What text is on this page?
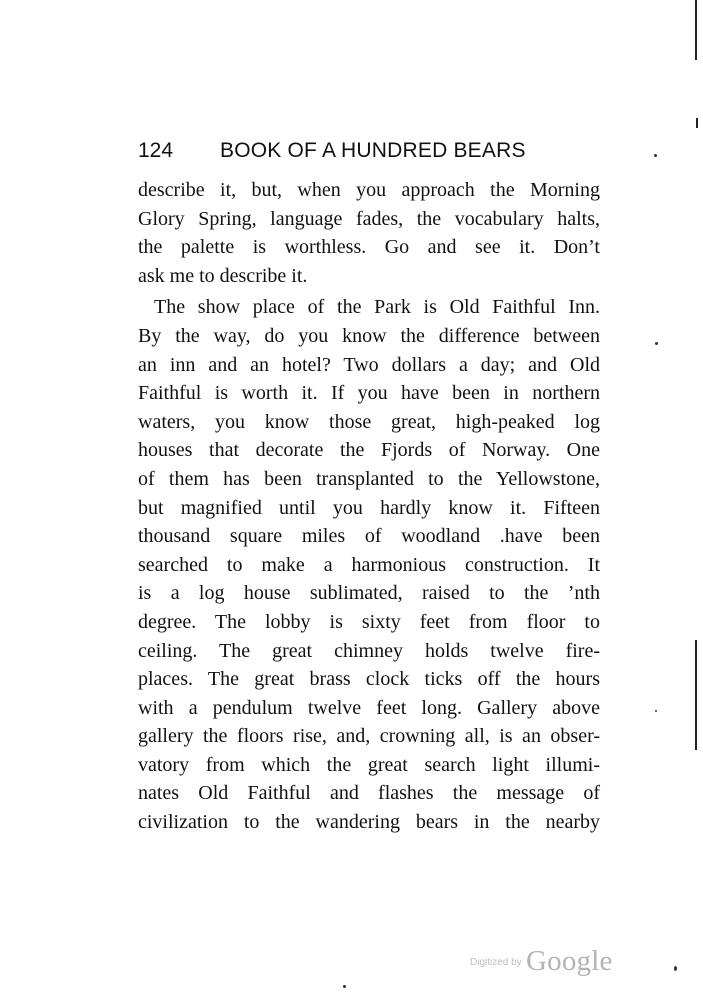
124 BOOK OF A HUNDRED BEARS
describe it, but, when you approach the Morning
Glory Spring, language fades, the vocabulary halts,
the palette is worthless. Go and see it. Don’t
ask me to describe it.
The show place of the Park is Old Faithful Inn.
By the way, do you know the difference between
an inn and an hotel? Two dollars a day; and Old
Faithful is worth it. If you have been in northern
waters, you know those great, high-peaked log
houses that decorate the Fjords of Norway. One
of them has been transplanted to the Yellowstone,
but magnified until you hardly know it. Fifteen
thousand square miles of woodland .have been
searched to make a harmonious construction. It
is a log house sublimated, raised to the ’nth
degree. The lobby is sixty feet from floor to
ceiling. The great chimney holds twelve fire-
places. The great brass clock ticks off the hours
with a pendulum twelve feet long. Gallery above
gallery the floors rise, and, crowning all, is an obser-
vatory from which the great search light illumi-
nates Old Faithful and flashes the message of
civilization to the wandering bears in the nearby
Digitized by Google
